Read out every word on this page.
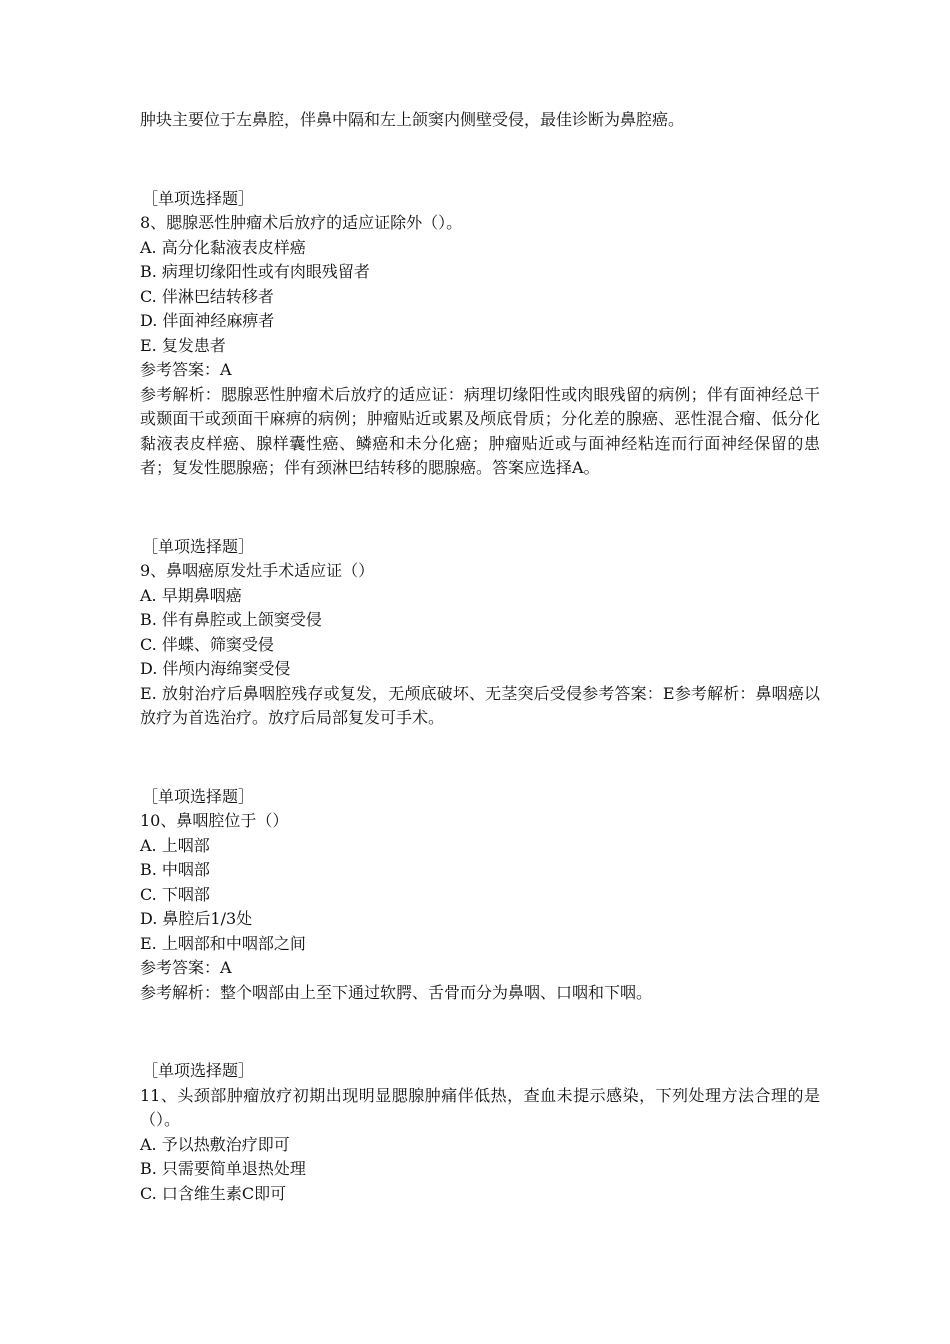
肿块主要位于左鼻腔，伴鼻中隔和左上颌窦内侧壁受侵，最佳诊断为鼻腔癌。

［单项选择题］

8、腮腺恶性肿瘤术后放疗的适应证除外（）。

A. 高分化黏液表皮样癌

B. 病理切缘阳性或有肉眼残留者

C. 伴淋巴结转移者

D. 伴面神经麻痹者

E. 复发患者

参考答案：A

参考解析：腮腺恶性肿瘤术后放疗的适应证：病理切缘阳性或肉眼残留的病例；伴有面神经总干或颞面干或颈面干麻痹的病例；肿瘤贴近或累及颅底骨质；分化差的腺癌、恶性混合瘤、低分化黏液表皮样癌、腺样囊性癌、鳞癌和未分化癌；肿瘤贴近或与面神经粘连而行面神经保留的患者；复发性腮腺癌；伴有颈淋巴结转移的腮腺癌。答案应选择A。

［单项选择题］

9、鼻咽癌原发灶手术适应证（）

A. 早期鼻咽癌

B. 伴有鼻腔或上颌窦受侵

C. 伴蝶、筛窦受侵

D. 伴颅内海绵窦受侵

E. 放射治疗后鼻咽腔残存或复发，无颅底破坏、无茎突后受侵参考答案：E参考解析：鼻咽癌以放疗为首选治疗。放疗后局部复发可手术。

［单项选择题］

10、鼻咽腔位于（）

A. 上咽部

B. 中咽部

C. 下咽部

D. 鼻腔后1/3处

E. 上咽部和中咽部之间

参考答案：A

参考解析：整个咽部由上至下通过软腭、舌骨而分为鼻咽、口咽和下咽。

［单项选择题］

11、头颈部肿瘤放疗初期出现明显腮腺肿痛伴低热，查血未提示感染，下列处理方法合理的是（）。

A. 予以热敷治疗即可

B. 只需要简单退热处理

C. 口含维生素C即可
